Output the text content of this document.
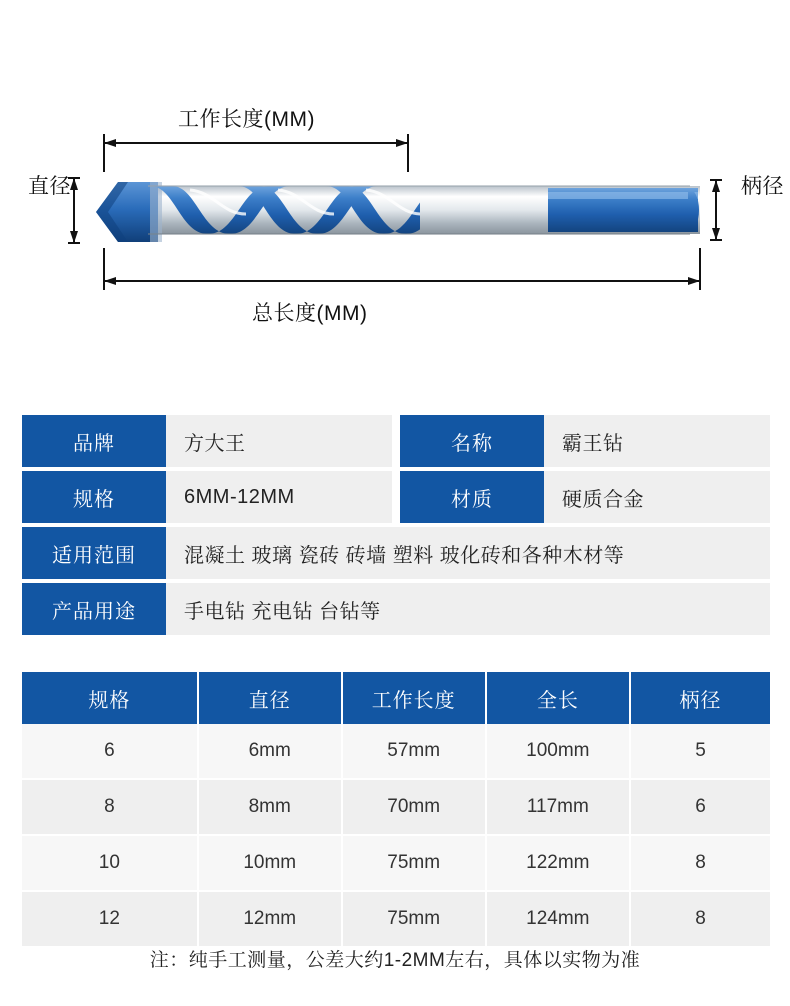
工作长度(MM)
总长度(MM)
直径	柄径
品牌	方大王	名称	霸王钻
规格	6MM-12MM	材质	硬质合金
适用范围	混凝土 玻璃 瓷砖 砖墙 塑料 玻化砖和各种木材等
产品用途	手电钻 充电钻 台钻等
规格	直径	工作长度	全长	柄径
6	6mm	57mm	100mm	5
8	8mm	70mm	117mm	6
10	10mm	75mm	122mm	8
12	12mm	75mm	124mm	8
注：纯手工测量，公差大约1-2MM左右，具体以实物为准
